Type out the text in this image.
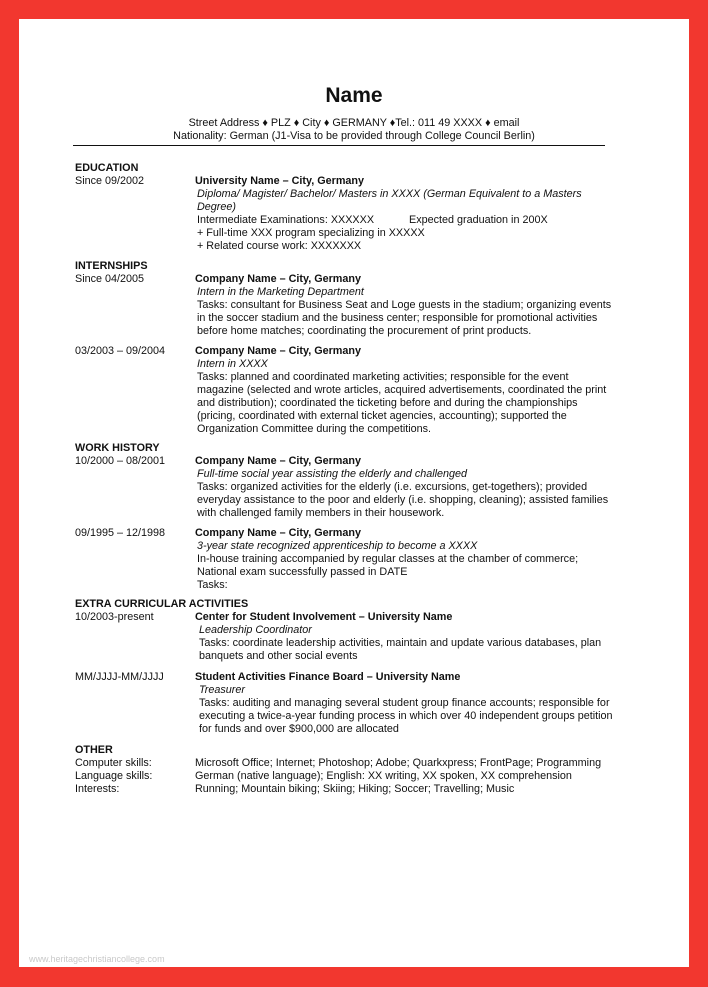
Name
Street Address ♦ PLZ ♦ City ♦ GERMANY ♦Tel.: 011 49 XXXX ♦ email
Nationality: German (J1-Visa to be provided through College Council Berlin)
EDUCATION
Since 09/2002	University Name – City, Germany
Diploma/ Magister/ Bachelor/ Masters in XXXX (German Equivalent to a Masters
Degree)
Intermediate Examinations: XXXXXX	Expected graduation in 200X
+ Full-time XXX program specializing in XXXXX
+ Related course work: XXXXXXX
INTERNSHIPS
Since 04/2005	Company Name – City, Germany
Intern in the Marketing Department
Tasks: consultant for Business Seat and Loge guests in the stadium; organizing events
in the soccer stadium and the business center; responsible for promotional activities
before home matches; coordinating the procurement of print products.
03/2003 – 09/2004	Company Name – City, Germany
Intern in XXXX
Tasks: planned and coordinated marketing activities; responsible for the event
magazine (selected and wrote articles, acquired advertisements, coordinated the print
and distribution); coordinated the ticketing before and during the championships
(pricing, coordinated with external ticket agencies, accounting); supported the
Organization Committee during the competitions.
WORK HISTORY
10/2000 – 08/2001	Company Name – City, Germany
Full-time social year assisting the elderly and challenged
Tasks: organized activities for the elderly (i.e. excursions, get-togethers); provided
everyday assistance to the poor and elderly (i.e. shopping, cleaning); assisted families
with challenged family members in their housework.
09/1995 – 12/1998	Company Name – City, Germany
3-year state recognized apprenticeship to become a XXXX
In-house training accompanied by regular classes at the chamber of commerce;
National exam successfully passed in DATE
Tasks:
EXTRA CURRICULAR ACTIVITIES
10/2003-present	Center for Student Involvement – University Name
Leadership Coordinator
Tasks: coordinate leadership activities, maintain and update various databases, plan
banquets and other social events
MM/JJJJ-MM/JJJJ	Student Activities Finance Board – University Name
Treasurer
Tasks: auditing and managing several student group finance accounts; responsible for
executing a twice-a-year funding process in which over 40 independent groups petition
for funds and over $900,000 are allocated
OTHER
Computer skills:	Microsoft Office; Internet; Photoshop; Adobe; Quarkxpress; FrontPage; Programming
Language skills:	German (native language); English: XX writing, XX spoken, XX comprehension
Interests:	Running; Mountain biking; Skiing; Hiking; Soccer; Travelling; Music
www.heritagechristiancollege.com
